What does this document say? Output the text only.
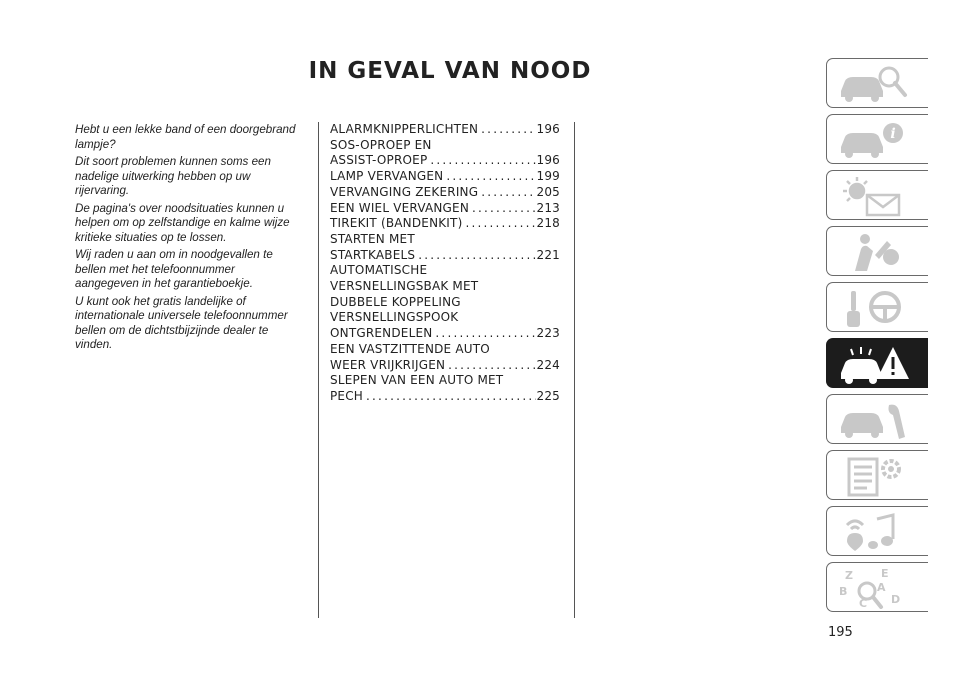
IN GEVAL VAN NOOD

Hebt u een lekke band of een doorgebrand lampje?

Dit soort problemen kunnen soms een nadelige uitwerking hebben op uw rijervaring.

De pagina's over noodsituaties kunnen u helpen om op zelfstandige en kalme wijze kritieke situaties op te lossen.

Wij raden u aan om in noodgevallen te bellen met het telefoonnummer aangegeven in het garantieboekje.

U kunt ook het gratis landelijke of internationale universele telefoonnummer bellen om de dichtstbijzijnde dealer te vinden.

ALARMKNIPPERLICHTEN .....	196
SOS-OPROEP EN
ASSIST-OPROEP .....	196
LAMP VERVANGEN .....	199
VERVANGING ZEKERING .....	205
EEN WIEL VERVANGEN .....	213
TIREKIT (BANDENKIT) .....	218
STARTEN MET
STARTKABELS .....	221
AUTOMATISCHE
VERSNELLINGSBAK MET
DUBBELE KOPPELING
VERSNELLINGSPOOK
ONTGRENDELEN .....	223
EEN VASTZITTENDE AUTO
WEER VRIJKRIJGEN .....	224
SLEPEN VAN EEN AUTO MET
PECH .....	225
i
Z	E
B	A
C D
195
